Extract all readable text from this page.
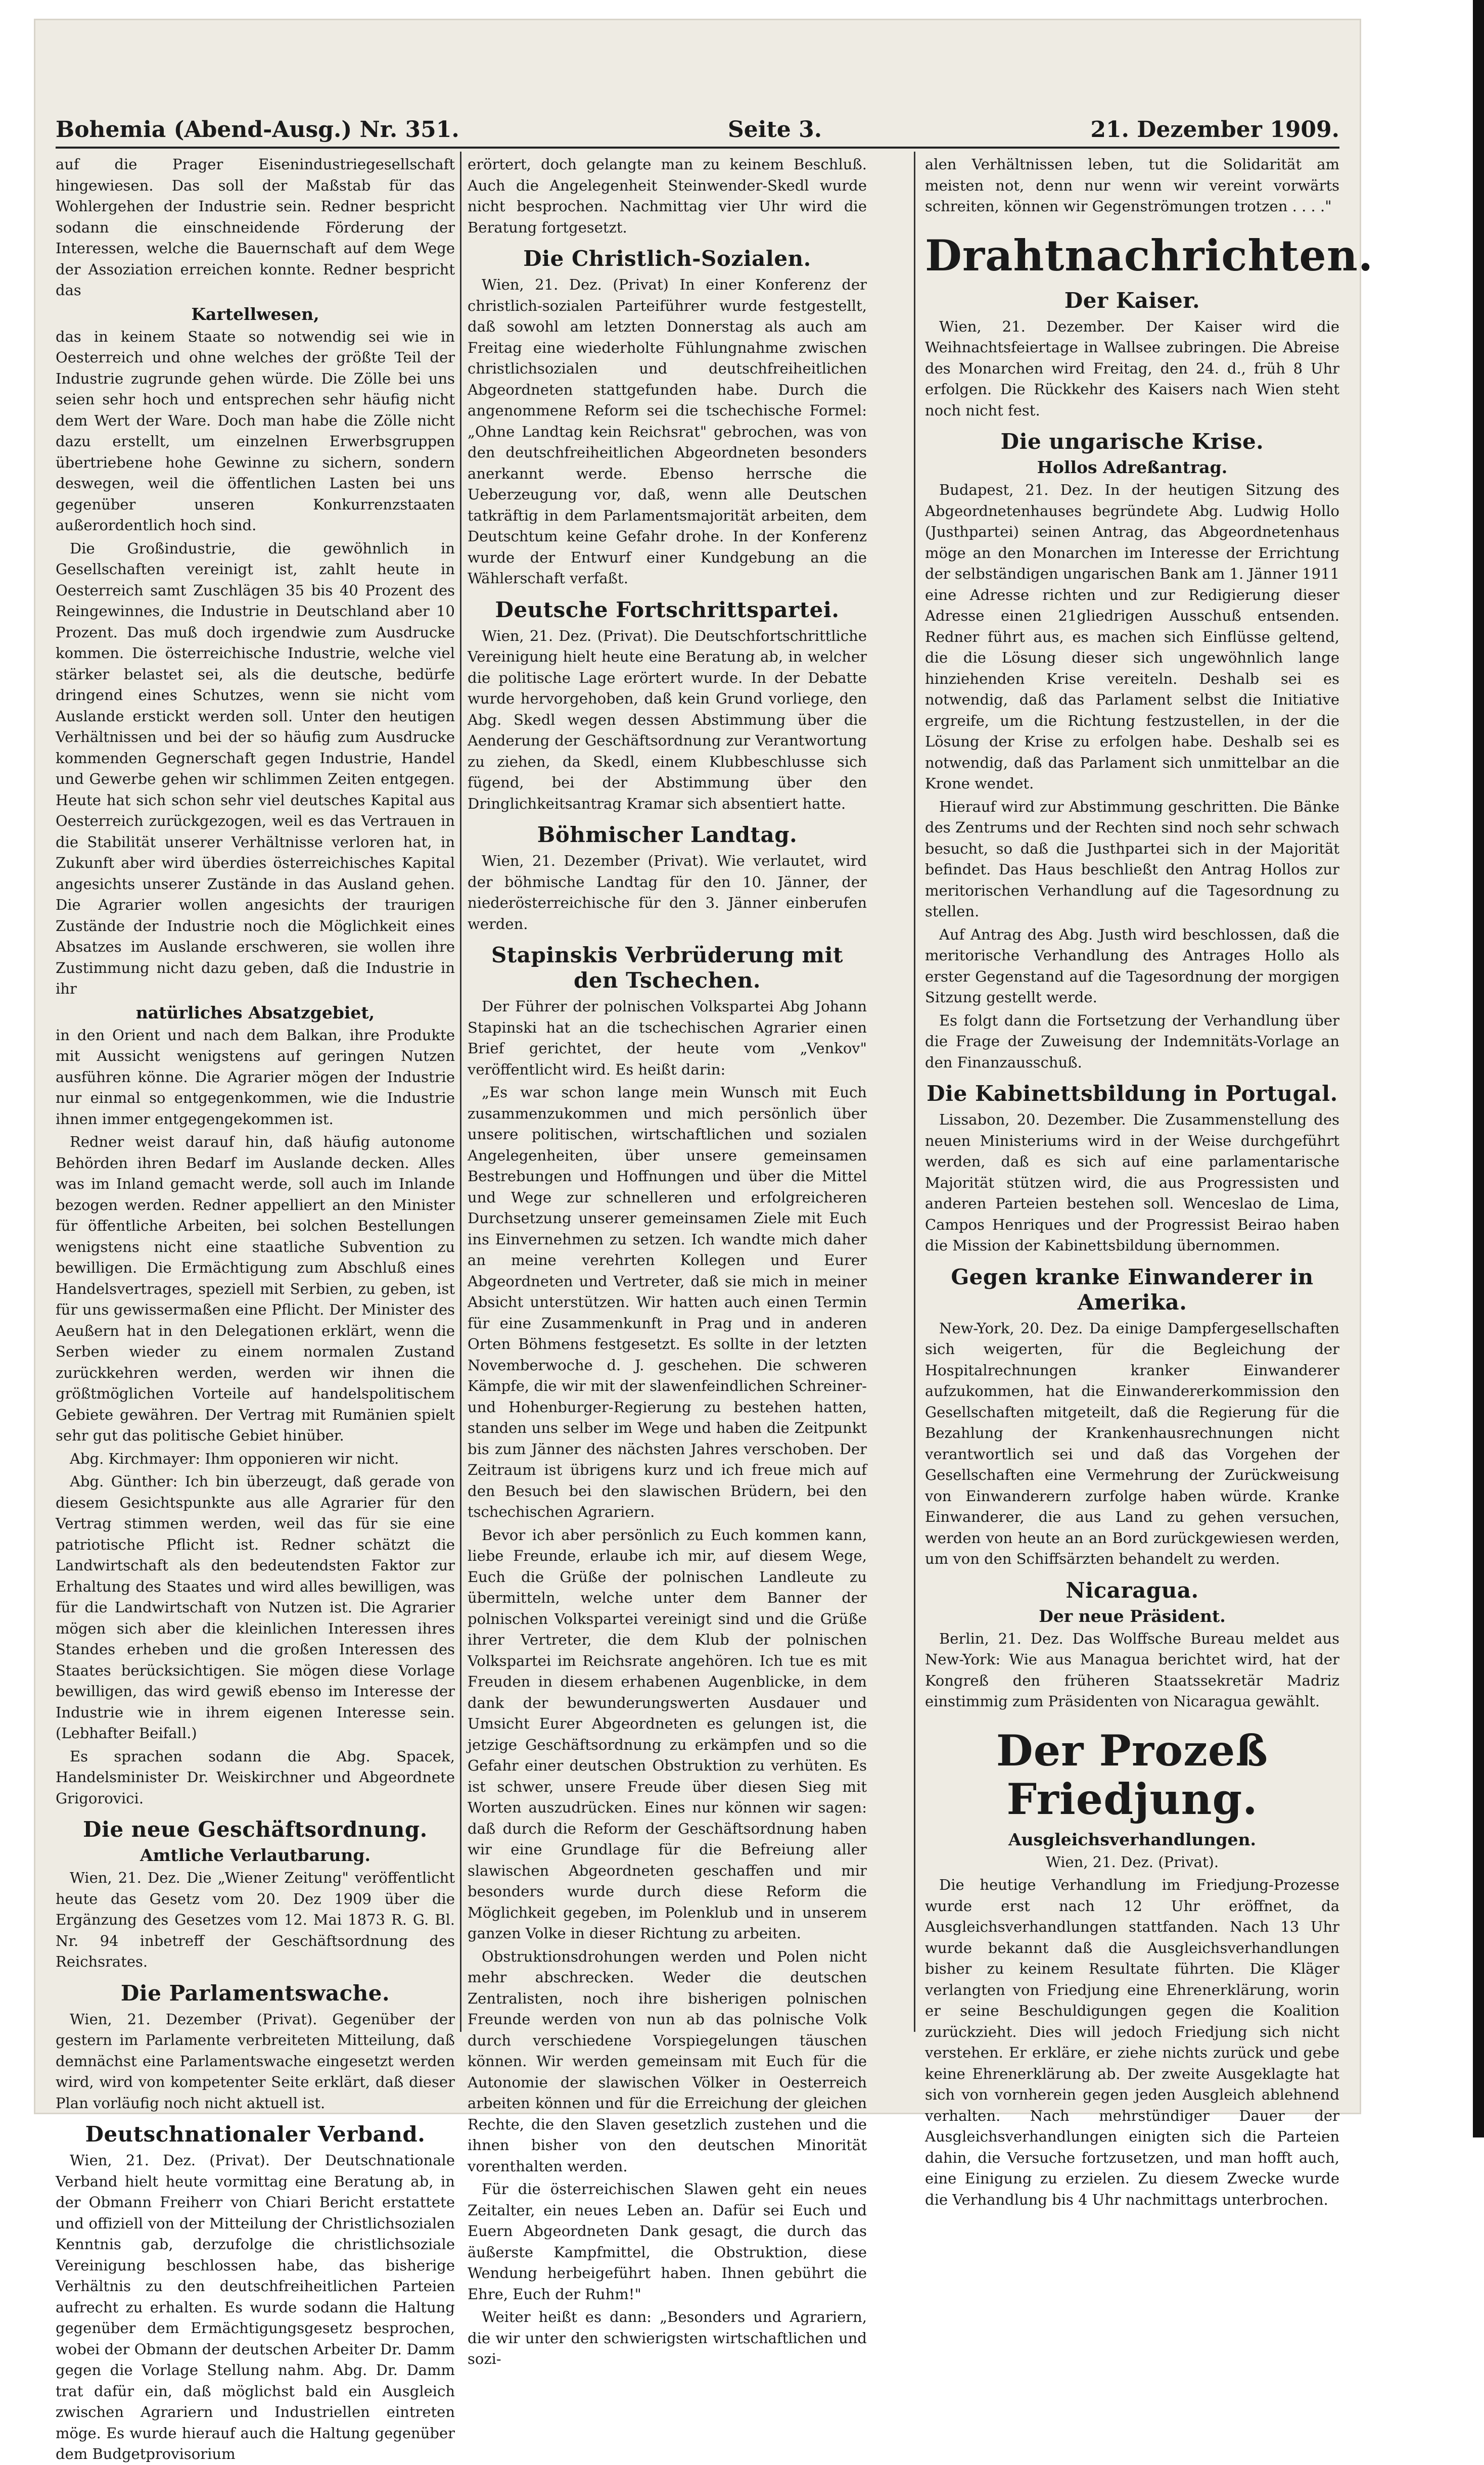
Bohemia (Abend-Ausg.) Nr. 351.	Seite 3.	21. Dezember 1909.

auf die Prager Eisenindustriegesellschaft hingewiesen. Das soll der Maßstab für das Wohlergehen der Industrie sein. Redner bespricht sodann die einschneidende Förderung der Interessen, welche die Bauernschaft auf dem Wege der Assoziation erreichen konnte. Redner bespricht das

Kartellwesen,

das in keinem Staate so notwendig sei wie in Oesterreich und ohne welches der größte Teil der Industrie zugrunde gehen würde. Die Zölle bei uns seien sehr hoch und entsprechen sehr häufig nicht dem Wert der Ware. Doch man habe die Zölle nicht dazu erstellt, um einzelnen Erwerbsgruppen übertriebene hohe Gewinne zu sichern, sondern deswegen, weil die öffentlichen Lasten bei uns gegenüber unseren Konkurrenzstaaten außerordentlich hoch sind.

Die Großindustrie, die gewöhnlich in Gesellschaften vereinigt ist, zahlt heute in Oesterreich samt Zuschlägen 35 bis 40 Prozent des Reingewinnes, die Industrie in Deutschland aber 10 Prozent. Das muß doch irgendwie zum Ausdrucke kommen. Die österreichische Industrie, welche viel stärker belastet sei, als die deutsche, bedürfe dringend eines Schutzes, wenn sie nicht vom Auslande erstickt werden soll. Unter den heutigen Verhältnissen und bei der so häufig zum Ausdrucke kommenden Gegnerschaft gegen Industrie, Handel und Gewerbe gehen wir schlimmen Zeiten entgegen. Heute hat sich schon sehr viel deutsches Kapital aus Oesterreich zurückgezogen, weil es das Vertrauen in die Stabilität unserer Verhältnisse verloren hat, in Zukunft aber wird überdies österreichisches Kapital angesichts unserer Zustände in das Ausland gehen. Die Agrarier wollen angesichts der traurigen Zustände der Industrie noch die Möglichkeit eines Absatzes im Auslande erschweren, sie wollen ihre Zustimmung nicht dazu geben, daß die Industrie in ihr

natürliches Absatzgebiet,

in den Orient und nach dem Balkan, ihre Produkte mit Aussicht wenigstens auf geringen Nutzen ausführen könne. Die Agrarier mögen der Industrie nur einmal so entgegenkommen, wie die Industrie ihnen immer entgegengekommen ist.

Redner weist darauf hin, daß häufig autonome Behörden ihren Bedarf im Auslande decken. Alles was im Inland gemacht werde, soll auch im Inlande bezogen werden. Redner appelliert an den Minister für öffentliche Arbeiten, bei solchen Bestellungen wenigstens nicht eine staatliche Subvention zu bewilligen. Die Ermächtigung zum Abschluß eines Handelsvertrages, speziell mit Serbien, zu geben, ist für uns gewissermaßen eine Pflicht. Der Minister des Aeußern hat in den Delegationen erklärt, wenn die Serben wieder zu einem normalen Zustand zurückkehren werden, werden wir ihnen die größtmöglichen Vorteile auf handelspolitischem Gebiete gewähren. Der Vertrag mit Rumänien spielt sehr gut das politische Gebiet hinüber.

Abg. Kirchmayer: Ihm opponieren wir nicht.

Abg. Günther: Ich bin überzeugt, daß gerade von diesem Gesichtspunkte aus alle Agrarier für den Vertrag stimmen werden, weil das für sie eine patriotische Pflicht ist. Redner schätzt die Landwirtschaft als den bedeutendsten Faktor zur Erhaltung des Staates und wird alles bewilligen, was für die Landwirtschaft von Nutzen ist. Die Agrarier mögen sich aber die kleinlichen Interessen ihres Standes erheben und die großen Interessen des Staates berücksichtigen. Sie mögen diese Vorlage bewilligen, das wird gewiß ebenso im Interesse der Industrie wie in ihrem eigenen Interesse sein. (Lebhafter Beifall.)

Es sprachen sodann die Abg. Spacek, Handelsminister Dr. Weiskirchner und Abgeordnete Grigorovici.

Die neue Geschäftsordnung.
Amtliche Verlautbarung.

Wien, 21. Dez. Die „Wiener Zeitung" veröffentlicht heute das Gesetz vom 20. Dez 1909 über die Ergänzung des Gesetzes vom 12. Mai 1873 R. G. Bl. Nr. 94 inbetreff der Geschäftsordnung des Reichsrates.

Die Parlamentswache.

Wien, 21. Dezember (Privat). Gegenüber der gestern im Parlamente verbreiteten Mitteilung, daß demnächst eine Parlamentswache eingesetzt werden wird, wird von kompetenter Seite erklärt, daß dieser Plan vorläufig noch nicht aktuell ist.

Deutschnationaler Verband.

Wien, 21. Dez. (Privat). Der Deutschnationale Verband hielt heute vormittag eine Beratung ab, in der Obmann Freiherr von Chiari Bericht erstattete und offiziell von der Mitteilung der Christlichsozialen Kenntnis gab, derzufolge die christlichsoziale Vereinigung beschlossen habe, das bisherige Verhältnis zu den deutschfreiheitlichen Parteien aufrecht zu erhalten. Es wurde sodann die Haltung gegenüber dem Ermächtigungsgesetz besprochen, wobei der Obmann der deutschen Arbeiter Dr. Damm gegen die Vorlage Stellung nahm. Abg. Dr. Damm trat dafür ein, daß möglichst bald ein Ausgleich zwischen Agrariern und Industriellen eintreten möge. Es wurde hierauf auch die Haltung gegenüber dem Budgetprovisorium

erörtert, doch gelangte man zu keinem Beschluß. Auch die Angelegenheit Steinwender-Skedl wurde nicht besprochen. Nachmittag vier Uhr wird die Beratung fortgesetzt.

Die Christlich-Sozialen.

Wien, 21. Dez. (Privat) In einer Konferenz der christlich-sozialen Parteiführer wurde festgestellt, daß sowohl am letzten Donnerstag als auch am Freitag eine wiederholte Fühlungnahme zwischen christlichsozialen und deutschfreiheitlichen Abgeordneten stattgefunden habe. Durch die angenommene Reform sei die tschechische Formel: „Ohne Landtag kein Reichsrat" gebrochen, was von den deutschfreiheitlichen Abgeordneten besonders anerkannt werde. Ebenso herrsche die Ueberzeugung vor, daß, wenn alle Deutschen tatkräftig in dem Parlamentsmajorität arbeiten, dem Deutschtum keine Gefahr drohe. In der Konferenz wurde der Entwurf einer Kundgebung an die Wählerschaft verfaßt.

Deutsche Fortschrittspartei.

Wien, 21. Dez. (Privat). Die Deutschfortschrittliche Vereinigung hielt heute eine Beratung ab, in welcher die politische Lage erörtert wurde. In der Debatte wurde hervorgehoben, daß kein Grund vorliege, den Abg. Skedl wegen dessen Abstimmung über die Aenderung der Geschäftsordnung zur Verantwortung zu ziehen, da Skedl, einem Klubbeschlusse sich fügend, bei der Abstimmung über den Dringlichkeitsantrag Kramar sich absentiert hatte.

Böhmischer Landtag.

Wien, 21. Dezember (Privat). Wie verlautet, wird der böhmische Landtag für den 10. Jänner, der niederösterreichische für den 3. Jänner einberufen werden.

Stapinskis Verbrüderung mit den Tschechen.

Der Führer der polnischen Volkspartei Abg Johann Stapinski hat an die tschechischen Agrarier einen Brief gerichtet, der heute vom „Venkov" veröffentlicht wird. Es heißt darin:

„Es war schon lange mein Wunsch mit Euch zusammenzukommen und mich persönlich über unsere politischen, wirtschaftlichen und sozialen Angelegenheiten, über unsere gemeinsamen Bestrebungen und Hoffnungen und über die Mittel und Wege zur schnelleren und erfolgreicheren Durchsetzung unserer gemeinsamen Ziele mit Euch ins Einvernehmen zu setzen. Ich wandte mich daher an meine verehrten Kollegen und Eurer Abgeordneten und Vertreter, daß sie mich in meiner Absicht unterstützen. Wir hatten auch einen Termin für eine Zusammenkunft in Prag und in anderen Orten Böhmens festgesetzt. Es sollte in der letzten Novemberwoche d. J. geschehen. Die schweren Kämpfe, die wir mit der slawenfeindlichen Schreiner- und Hohenburger-Regierung zu bestehen hatten, standen uns selber im Wege und haben die Zeitpunkt bis zum Jänner des nächsten Jahres verschoben. Der Zeitraum ist übrigens kurz und ich freue mich auf den Besuch bei den slawischen Brüdern, bei den tschechischen Agrariern.

Bevor ich aber persönlich zu Euch kommen kann, liebe Freunde, erlaube ich mir, auf diesem Wege, Euch die Grüße der polnischen Landleute zu übermitteln, welche unter dem Banner der polnischen Volkspartei vereinigt sind und die Grüße ihrer Vertreter, die dem Klub der polnischen Volkspartei im Reichsrate angehören. Ich tue es mit Freuden in diesem erhabenen Augenblicke, in dem dank der bewunderungswerten Ausdauer und Umsicht Eurer Abgeordneten es gelungen ist, die jetzige Geschäftsordnung zu erkämpfen und so die Gefahr einer deutschen Obstruktion zu verhüten. Es ist schwer, unsere Freude über diesen Sieg mit Worten auszudrücken. Eines nur können wir sagen: daß durch die Reform der Geschäftsordnung haben wir eine Grundlage für die Befreiung aller slawischen Abgeordneten geschaffen und mir besonders wurde durch diese Reform die Möglichkeit gegeben, im Polenklub und in unserem ganzen Volke in dieser Richtung zu arbeiten.

Obstruktionsdrohungen werden und Polen nicht mehr abschrecken. Weder die deutschen Zentralisten, noch ihre bisherigen polnischen Freunde werden von nun ab das polnische Volk durch verschiedene Vorspiegelungen täuschen können. Wir werden gemeinsam mit Euch für die Autonomie der slawischen Völker in Oesterreich arbeiten können und für die Erreichung der gleichen Rechte, die den Slaven gesetzlich zustehen und die ihnen bisher von den deutschen Minorität vorenthalten werden.

Für die österreichischen Slawen geht ein neues Zeitalter, ein neues Leben an. Dafür sei Euch und Euern Abgeordneten Dank gesagt, die durch das äußerste Kampfmittel, die Obstruktion, diese Wendung herbeigeführt haben. Ihnen gebührt die Ehre, Euch der Ruhm!"

Weiter heißt es dann: „Besonders und Agrariern, die wir unter den schwierigsten wirtschaftlichen und sozi-

alen Verhältnissen leben, tut die Solidarität am meisten not, denn nur wenn wir vereint vorwärts schreiten, können wir Gegenströmungen trotzen . . . ."

Drahtnachrichten.
Der Kaiser.

Wien, 21. Dezember. Der Kaiser wird die Weihnachtsfeiertage in Wallsee zubringen. Die Abreise des Monarchen wird Freitag, den 24. d., früh 8 Uhr erfolgen. Die Rückkehr des Kaisers nach Wien steht noch nicht fest.

Die ungarische Krise.
Hollos Adreßantrag.

Budapest, 21. Dez. In der heutigen Sitzung des Abgeordnetenhauses begründete Abg. Ludwig Hollo (Justhpartei) seinen Antrag, das Abgeordnetenhaus möge an den Monarchen im Interesse der Errichtung der selbständigen ungarischen Bank am 1. Jänner 1911 eine Adresse richten und zur Redigierung dieser Adresse einen 21gliedrigen Ausschuß entsenden. Redner führt aus, es machen sich Einflüsse geltend, die die Lösung dieser sich ungewöhnlich lange hinziehenden Krise vereiteln. Deshalb sei es notwendig, daß das Parlament selbst die Initiative ergreife, um die Richtung festzustellen, in der die Lösung der Krise zu erfolgen habe. Deshalb sei es notwendig, daß das Parlament sich unmittelbar an die Krone wendet.

Hierauf wird zur Abstimmung geschritten. Die Bänke des Zentrums und der Rechten sind noch sehr schwach besucht, so daß die Justhpartei sich in der Majorität befindet. Das Haus beschließt den Antrag Hollos zur meritorischen Verhandlung auf die Tagesordnung zu stellen.

Auf Antrag des Abg. Justh wird beschlossen, daß die meritorische Verhandlung des Antrages Hollo als erster Gegenstand auf die Tagesordnung der morgigen Sitzung gestellt werde.

Es folgt dann die Fortsetzung der Verhandlung über die Frage der Zuweisung der Indemnitäts-Vorlage an den Finanzausschuß.

Die Kabinettsbildung in Portugal.

Lissabon, 20. Dezember. Die Zusammenstellung des neuen Ministeriums wird in der Weise durchgeführt werden, daß es sich auf eine parlamentarische Majorität stützen wird, die aus Progressisten und anderen Parteien bestehen soll. Wenceslao de Lima, Campos Henriques und der Progressist Beirao haben die Mission der Kabinettsbildung übernommen.

Gegen kranke Einwanderer in Amerika.

New-York, 20. Dez. Da einige Dampfergesellschaften sich weigerten, für die Begleichung der Hospitalrechnungen kranker Einwanderer aufzukommen, hat die Einwandererkommission den Gesellschaften mitgeteilt, daß die Regierung für die Bezahlung der Krankenhausrechnungen nicht verantwortlich sei und daß das Vorgehen der Gesellschaften eine Vermehrung der Zurückweisung von Einwanderern zurfolge haben würde. Kranke Einwanderer, die aus Land zu gehen versuchen, werden von heute an an Bord zurückgewiesen werden, um von den Schiffsärzten behandelt zu werden.

Nicaragua.
Der neue Präsident.

Berlin, 21. Dez. Das Wolffsche Bureau meldet aus New-York: Wie aus Managua berichtet wird, hat der Kongreß den früheren Staatssekretär Madriz einstimmig zum Präsidenten von Nicaragua gewählt.

Der Prozeß Friedjung.
Ausgleichsverhandlungen.

Wien, 21. Dez. (Privat).

Die heutige Verhandlung im Friedjung-Prozesse wurde erst nach 12 Uhr eröffnet, da Ausgleichsverhandlungen stattfanden. Nach 13 Uhr wurde bekannt daß die Ausgleichsverhandlungen bisher zu keinem Resultate führten. Die Kläger verlangten von Friedjung eine Ehrenerklärung, worin er seine Beschuldigungen gegen die Koalition zurückzieht. Dies will jedoch Friedjung sich nicht verstehen. Er erkläre, er ziehe nichts zurück und gebe keine Ehrenerklärung ab. Der zweite Ausgeklagte hat sich von vornherein gegen jeden Ausgleich ablehnend verhalten. Nach mehrstündiger Dauer der Ausgleichsverhandlungen einigten sich die Parteien dahin, die Versuche fortzusetzen, und man hofft auch, eine Einigung zu erzielen. Zu diesem Zwecke wurde die Verhandlung bis 4 Uhr nachmittags unterbrochen.
